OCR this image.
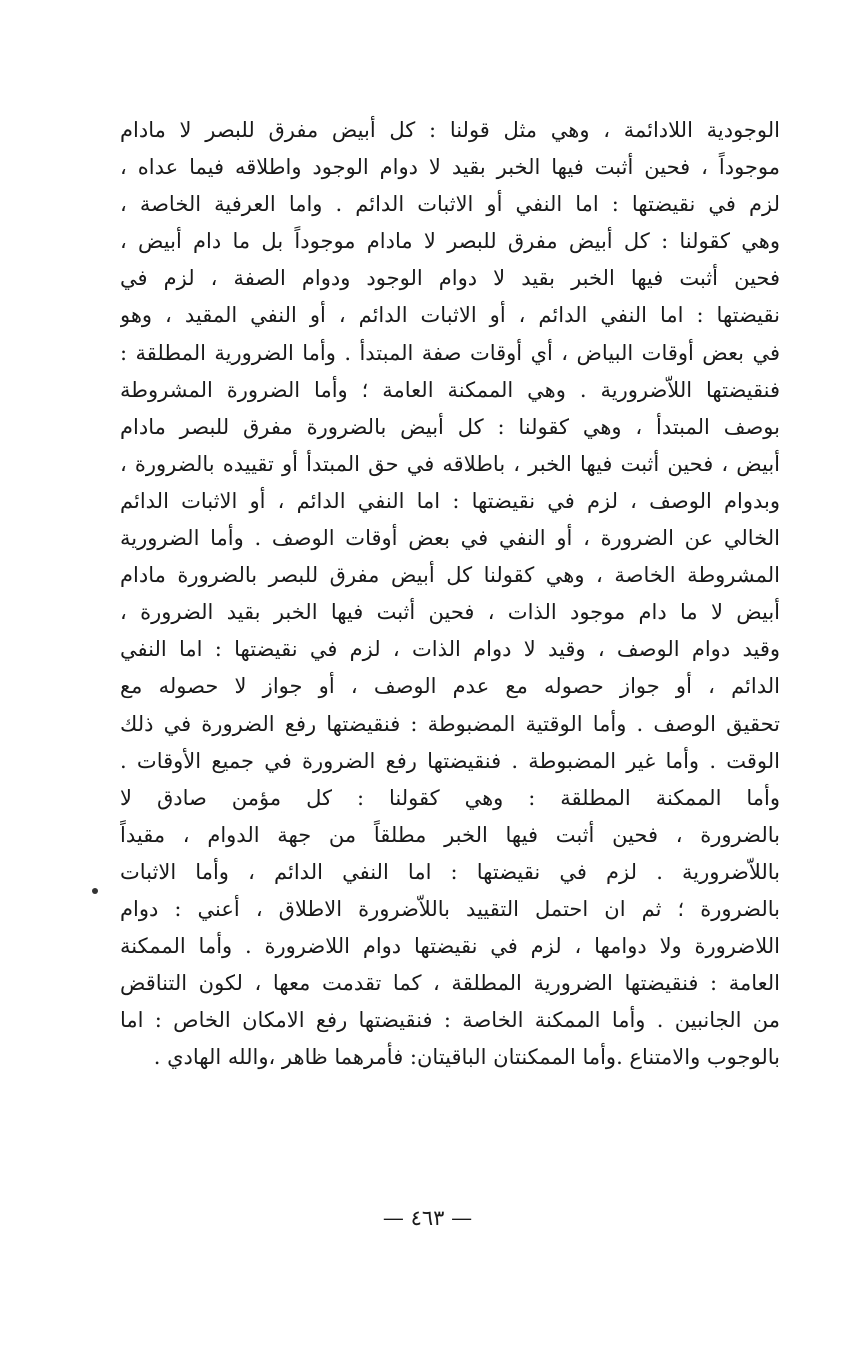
الوجودية اللادائمة ، وهي مثل قولنا : كل أبيض مفرق للبصر لا مادام
موجوداً ، فحين أثبت فيها الخبر بقيد لا دوام الوجود واطلاقه فيما عداه ،
لزم في نقيضتها : اما النفي أو الاثبات الدائم . واما العرفية الخاصة ،
وهي كقولنا : كل أبيض مفرق للبصر لا مادام موجوداً بل ما دام أبيض ،
فحين أثبت فيها الخبر بقيد لا دوام الوجود ودوام الصفة ، لزم في
نقيضتها : اما النفي الدائم ، أو الاثبات الدائم ، أو النفي المقيد ، وهو
في بعض أوقات البياض ، أي أوقات صفة المبتدأ . وأما الضرورية المطلقة :
فنقيضتها اللاّضرورية . وهي الممكنة العامة ؛ وأما الضرورة المشروطة
بوصف المبتدأ ، وهي كقولنا : كل أبيض بالضرورة مفرق للبصر مادام
أبيض ، فحين أثبت فيها الخبر ، باطلاقه في حق المبتدأ أو تقييده بالضرورة ،
وبدوام الوصف ، لزم في نقيضتها : اما النفي الدائم ، أو الاثبات الدائم
الخالي عن الضرورة ، أو النفي في بعض أوقات الوصف . وأما الضرورية
المشروطة الخاصة ، وهي كقولنا كل أبيض مفرق للبصر بالضرورة مادام
أبيض لا ما دام موجود الذات ، فحين أثبت فيها الخبر بقيد الضرورة ،
وقيد دوام الوصف ، وقيد لا دوام الذات ، لزم في نقيضتها : اما النفي
الدائم ، أو جواز حصوله مع عدم الوصف ، أو جواز لا حصوله مع
تحقيق الوصف . وأما الوقتية المضبوطة : فنقيضتها رفع الضرورة في ذلك
الوقت . وأما غير المضبوطة . فنقيضتها رفع الضرورة في جميع الأوقات .
وأما الممكنة المطلقة : وهي كقولنا : كل مؤمن صادق لا
بالضرورة ، فحين أثبت فيها الخبر مطلقاً من جهة الدوام ، مقيداً
باللاّضرورية . لزم في نقيضتها : اما النفي الدائم ، وأما الاثبات
بالضرورة ؛ ثم ان احتمل التقييد باللاّضرورة الاطلاق ، أعني : دوام
اللاضرورة ولا دوامها ، لزم في نقيضتها دوام اللاضرورة . وأما الممكنة
العامة : فنقيضتها الضرورية المطلقة ، كما تقدمت معها ، لكون التناقض
من الجانبين . وأما الممكنة الخاصة : فنقيضتها رفع الامكان الخاص : اما
بالوجوب والامتناع .وأما الممكنتان الباقيتان: فأمرهما ظاهر ،والله الهادي .
— ٤٦٣ —
